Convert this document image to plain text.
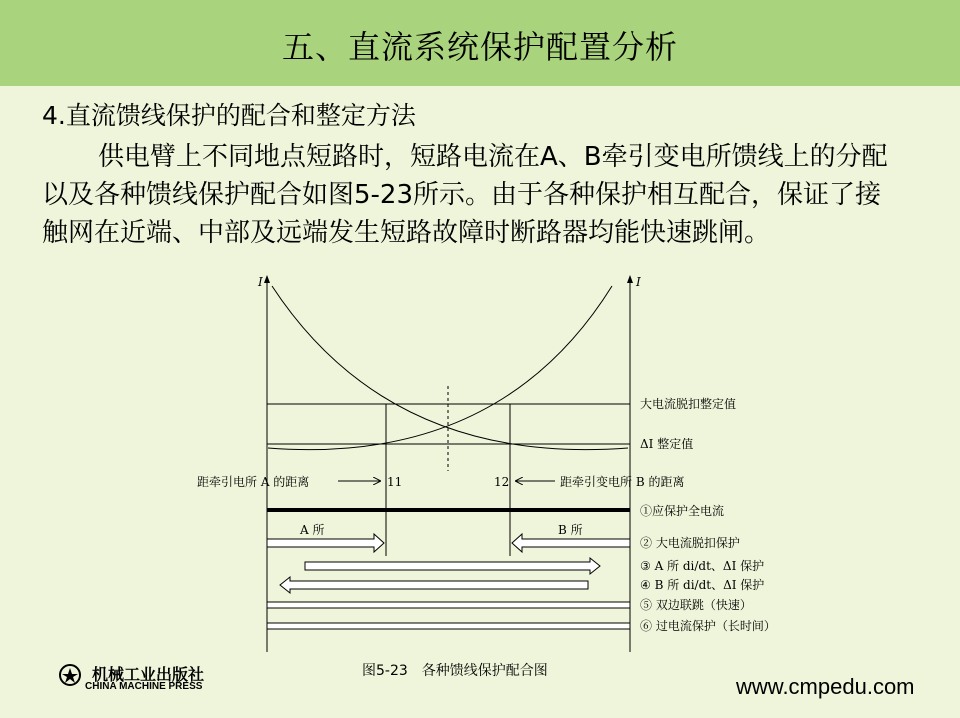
五、直流系统保护配置分析
4.直流馈线保护的配合和整定方法

供电臂上不同地点短路时，短路电流在A、B牵引变电所馈线上的分配以及各种馈线保护配合如图5-23所示。由于各种保护相互配合，保证了接触网在近端、中部及远端发生短路故障时断路器均能快速跳闸。

I	I
大电流脱扣整定值
ΔI 整定值
11	12
距牵引电所 A 的距离	距牵引变电所 B 的距离
A 所	B 所
①应保护全电流
② 大电流脱扣保护
③ A 所 di/dt、ΔI 保护
④ B 所 di/dt、ΔI 保护
⑤ 双边联跳（快速）
⑥ 过电流保护（长时间）
图5-23　各种馈线保护配合图
机械工业出版社
CHINA MACHINE PRESS	www.cmpedu.com
